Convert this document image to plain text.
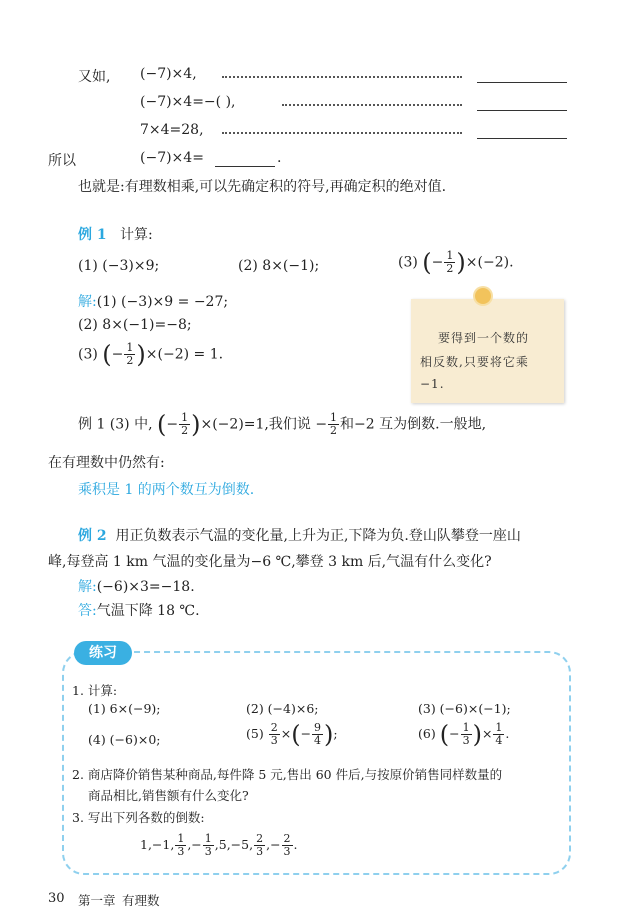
又如, (−7)×4,
(−7)×4=−( ),
7×4=28,
所以	(−7)×4=	.
也就是:有理数相乘,可以先确定积的符号,再确定积的绝对值.
例 1 计算:
(1) (−3)×9;	(2) 8×(−1);	(3) (− $\frac{1}{2} )\times(-2)$.
解:(1) (−3)×9 = −27;
(2) 8×(−1)=−8;
(3) (− $\frac{1}{2} )\times(-2) = 1$.
要得到一个数的
相反数,只要将它乘
−1.
例 1 (3) 中, (− $\frac{1}{2} )\times(-2)=1$,我们说 − $\frac{1}{2}$ 和−2 互为倒数.一般地,
在有理数中仍然有:
乘积是 1 的两个数互为倒数.
例 2 用正负数表示气温的变化量,上升为正,下降为负.登山队攀登一座山
峰,每登高 1 km 气温的变化量为−6 ℃,攀登 3 km 后,气温有什么变化?
解:(−6)×3=−18.
答:气温下降 18 ℃.
练习
1. 计算:
(1) 6×(−9);	(2) (−4)×6;	(3) (−6)×(−1);
(4) (−6)×0;	$(5) \frac{2}{3}$ ×(− $\frac{9}{4}$ );	(6) (− $\frac{1}{3}$ )× $\frac{1}{4}$ .
2. 商店降价销售某种商品,每件降 5 元,售出 60 件后,与按原价销售同样数量的
商品相比,销售额有什么变化?
3. 写出下列各数的倒数:
1,−1, $\frac{1}{3}$ ,− $\frac{1}{3} ,5,-5$, $\frac{2}{3}$ ,− $\frac{2}{3}$ .
30 第一章 有理数
